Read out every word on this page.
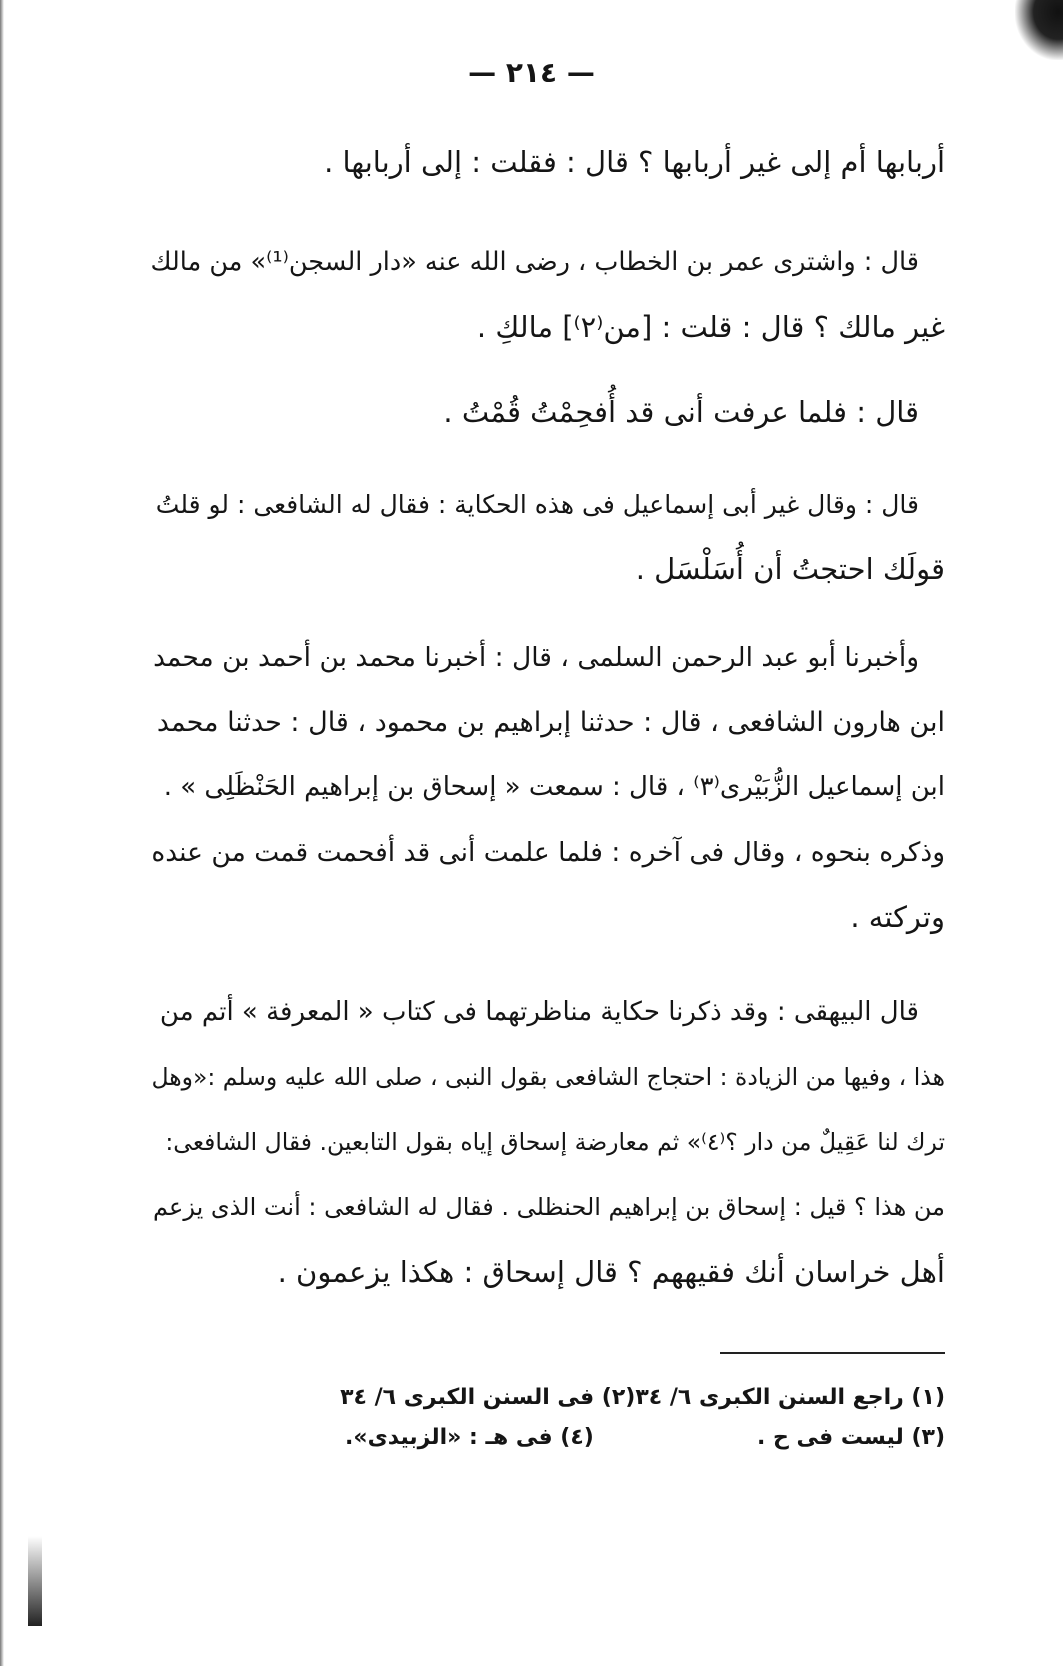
— ٢١٤ —
أربابها أم إلى غير أربابها ؟ قال : فقلت : إلى أربابها .
قال : واشترى عمر بن الخطاب ، رضى الله عنه «دار السجن⁽¹⁾» من مالك
غير مالك ؟ قال : قلت : [من⁽٢⁾] مالكِ .
قال : فلما عرفت أنى قد أُفحِمْتُ قُمْتُ .
قال : وقال غير أبى إسماعيل فى هذه الحكاية : فقال له الشافعى : لو قلتُ
قولَك احتجتُ أن أُسَلْسَل .
وأخبرنا أبو عبد الرحمن السلمى ، قال : أخبرنا محمد بن أحمد بن محمد
ابن هارون الشافعى ، قال : حدثنا إبراهيم بن محمود ، قال : حدثنا محمد
ابن إسماعيل الزُّبَيْرى⁽٣⁾ ، قال : سمعت « إسحاق بن إبراهيم الحَنْظَلِى » .
وذكره بنحوه ، وقال فى آخره : فلما علمت أنى قد أفحمت قمت من عنده
وتركته .
قال البيهقى : وقد ذكرنا حكاية مناظرتهما فى كتاب « المعرفة » أتم من
هذا ، وفيها من الزيادة : احتجاج الشافعى بقول النبى ، صلى الله عليه وسلم :«وهل
ترك لنا عَقِيلٌ من دار ؟⁽٤⁾» ثم معارضة إسحاق إياه بقول التابعين. فقال الشافعى:
من هذا ؟ قيل : إسحاق بن إبراهيم الحنظلى . فقال له الشافعى : أنت الذى يزعم
أهل خراسان أنك فقيههم ؟ قال إسحاق : هكذا يزعمون .
(١) راجع السنن الكبرى ٦/ ٣٤
(٢) فى السنن الكبرى ٦/ ٣٤
(٣) ليست فى ح .
(٤) فى هـ : «الزبيدى».
